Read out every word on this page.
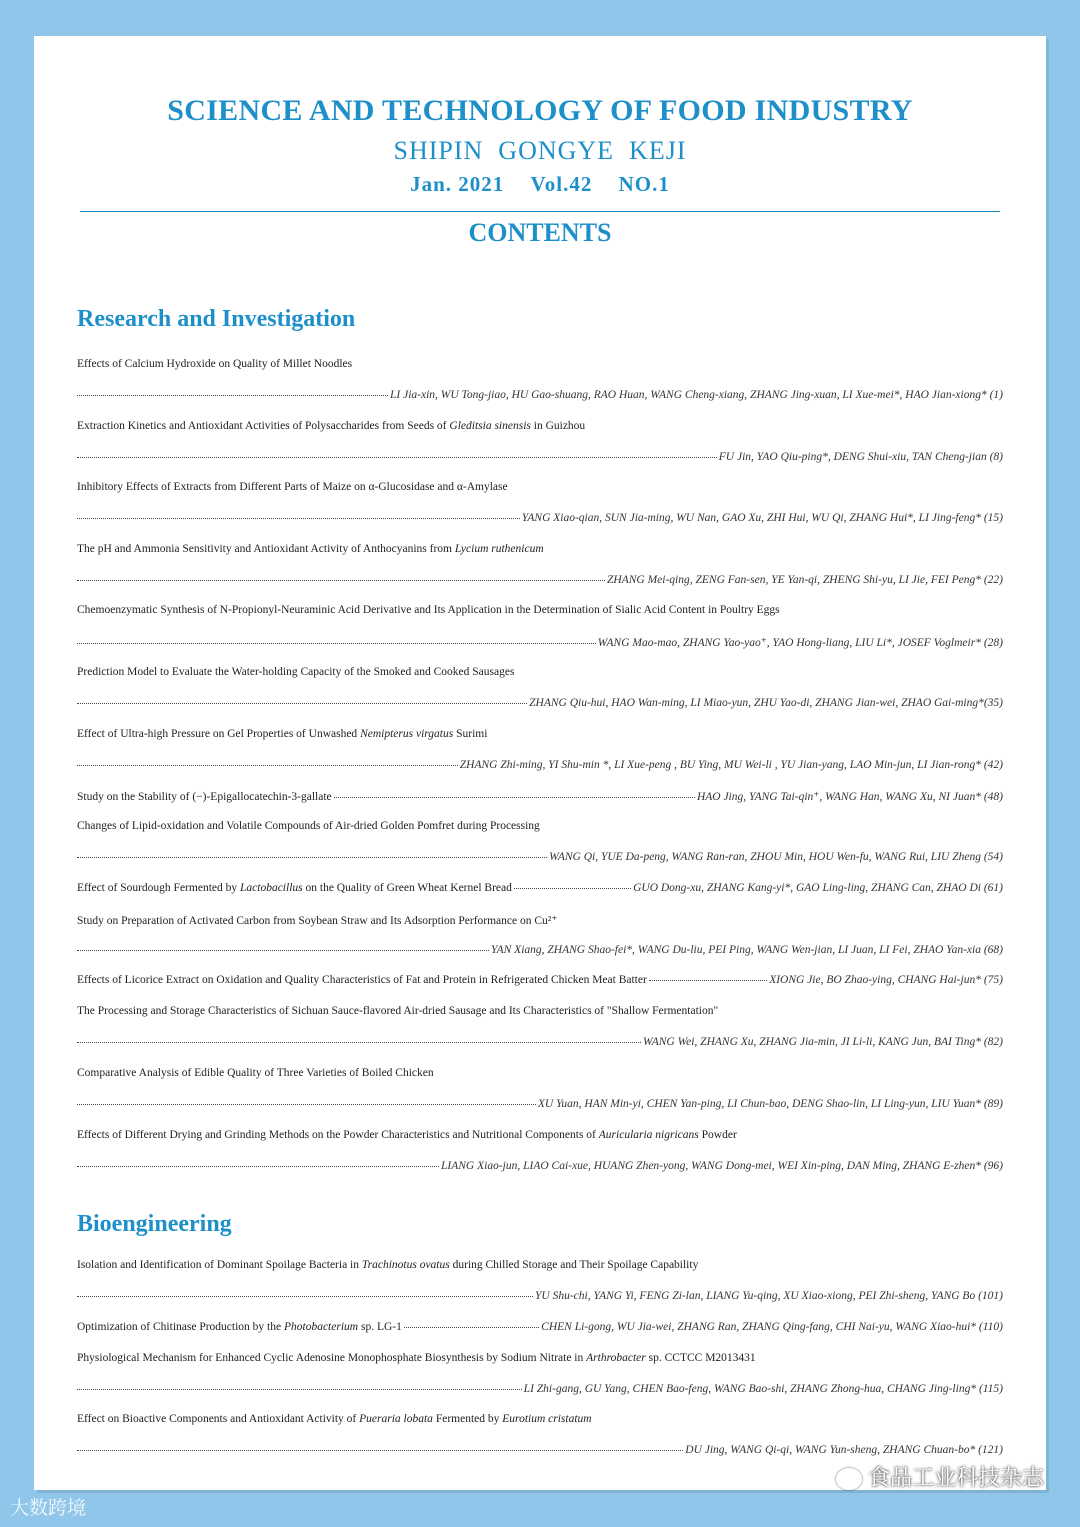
SCIENCE AND TECHNOLOGY OF FOOD INDUSTRY
SHIPIN  GONGYE  KEJI
Jan. 2021 Vol.42 NO.1
CONTENTS
Research and Investigation
Effects of Calcium Hydroxide on Quality of Millet Noodles
LI Jia-xin, WU Tong-jiao, HU Gao-shuang, RAO Huan, WANG Cheng-xiang, ZHANG Jing-xuan, LI Xue-mei*, HAO Jian-xiong* (1)
Extraction Kinetics and Antioxidant Activities of Polysaccharides from Seeds of Gleditsia sinensis in Guizhou
FU Jin, YAO Qiu-ping*, DENG Shui-xiu, TAN Cheng-jian (8)
Inhibitory Effects of Extracts from Different Parts of Maize on α-Glucosidase and α-Amylase
YANG Xiao-qian, SUN Jia-ming, WU Nan, GAO Xu, ZHI Hui, WU Qi, ZHANG Hui*, LI Jing-feng* (15)
The pH and Ammonia Sensitivity and Antioxidant Activity of Anthocyanins from Lycium ruthenicum
ZHANG Mei-qing, ZENG Fan-sen, YE Yan-qi, ZHENG Shi-yu, LI Jie, FEI Peng* (22)
Chemoenzymatic Synthesis of N-Propionyl-Neuraminic Acid Derivative and Its Application in the Determination of Sialic Acid Content in Poultry Eggs
WANG Mao-mao, ZHANG Yao-yao⁺, YAO Hong-liang, LIU Li*, JOSEF Voglmeir* (28)
Prediction Model to Evaluate the Water-holding Capacity of the Smoked and Cooked Sausages
ZHANG Qiu-hui, HAO Wan-ming, LI Miao-yun, ZHU Yao-di, ZHANG Jian-wei, ZHAO Gai-ming*(35)
Effect of Ultra-high Pressure on Gel Properties of Unwashed Nemipterus virgatus Surimi
ZHANG Zhi-ming, YI Shu-min *, LI Xue-peng , BU Ying, MU Wei-li , YU Jian-yang, LAO Min-jun, LI Jian-rong* (42)
Study on the Stability of (−)-Epigallocatechin-3-gallate	HAO Jing, YANG Tai-qin⁺, WANG Han, WANG Xu, NI Juan* (48)
Changes of Lipid-oxidation and Volatile Compounds of Air-dried Golden Pomfret during Processing
WANG Qi, YUE Da-peng, WANG Ran-ran, ZHOU Min, HOU Wen-fu, WANG Rui, LIU Zheng (54)
Effect of Sourdough Fermented by Lactobacillus on the Quality of Green Wheat Kernel Bread	GUO Dong-xu, ZHANG Kang-yi*, GAO Ling-ling, ZHANG Can, ZHAO Di (61)
Study on Preparation of Activated Carbon from Soybean Straw and Its Adsorption Performance on Cu²⁺
YAN Xiang, ZHANG Shao-fei*, WANG Du-liu, PEI Ping, WANG Wen-jian, LI Juan, LI Fei, ZHAO Yan-xia (68)
Effects of Licorice Extract on Oxidation and Quality Characteristics of Fat and Protein in Refrigerated Chicken Meat Batter	XIONG Jie, BO Zhao-ying, CHANG Hai-jun* (75)
The Processing and Storage Characteristics of Sichuan Sauce-flavored Air-dried Sausage and Its Characteristics of "Shallow Fermentation"
WANG Wei, ZHANG Xu, ZHANG Jia-min, JI Li-li, KANG Jun, BAI Ting* (82)
Comparative Analysis of Edible Quality of Three Varieties of Boiled Chicken
XU Yuan, HAN Min-yi, CHEN Yan-ping, LI Chun-bao, DENG Shao-lin, LI Ling-yun, LIU Yuan* (89)
Effects of Different Drying and Grinding Methods on the Powder Characteristics and Nutritional Components of Auricularia nigricans Powder
LIANG Xiao-jun, LIAO Cai-xue, HUANG Zhen-yong, WANG Dong-mei, WEI Xin-ping, DAN Ming, ZHANG E-zhen* (96)
Bioengineering
Isolation and Identification of Dominant Spoilage Bacteria in Trachinotus ovatus during Chilled Storage and Their Spoilage Capability
YU Shu-chi, YANG Yi, FENG Zi-lan, LIANG Yu-qing, XU Xiao-xiong, PEI Zhi-sheng, YANG Bo (101)
Optimization of Chitinase Production by the Photobacterium sp. LG-1	CHEN Li-gong, WU Jia-wei, ZHANG Ran, ZHANG Qing-fang, CHI Nai-yu, WANG Xiao-hui* (110)
Physiological Mechanism for Enhanced Cyclic Adenosine Monophosphate Biosynthesis by Sodium Nitrate in Arthrobacter sp. CCTCC M2013431
LI Zhi-gang, GU Yang, CHEN Bao-feng, WANG Bao-shi, ZHANG Zhong-hua, CHANG Jing-ling* (115)
Effect on Bioactive Components and Antioxidant Activity of Pueraria lobata Fermented by Eurotium cristatum
DU Jing, WANG Qi-qi, WANG Yun-sheng, ZHANG Chuan-bo* (121)
大数跨境
食品工业科技杂志
